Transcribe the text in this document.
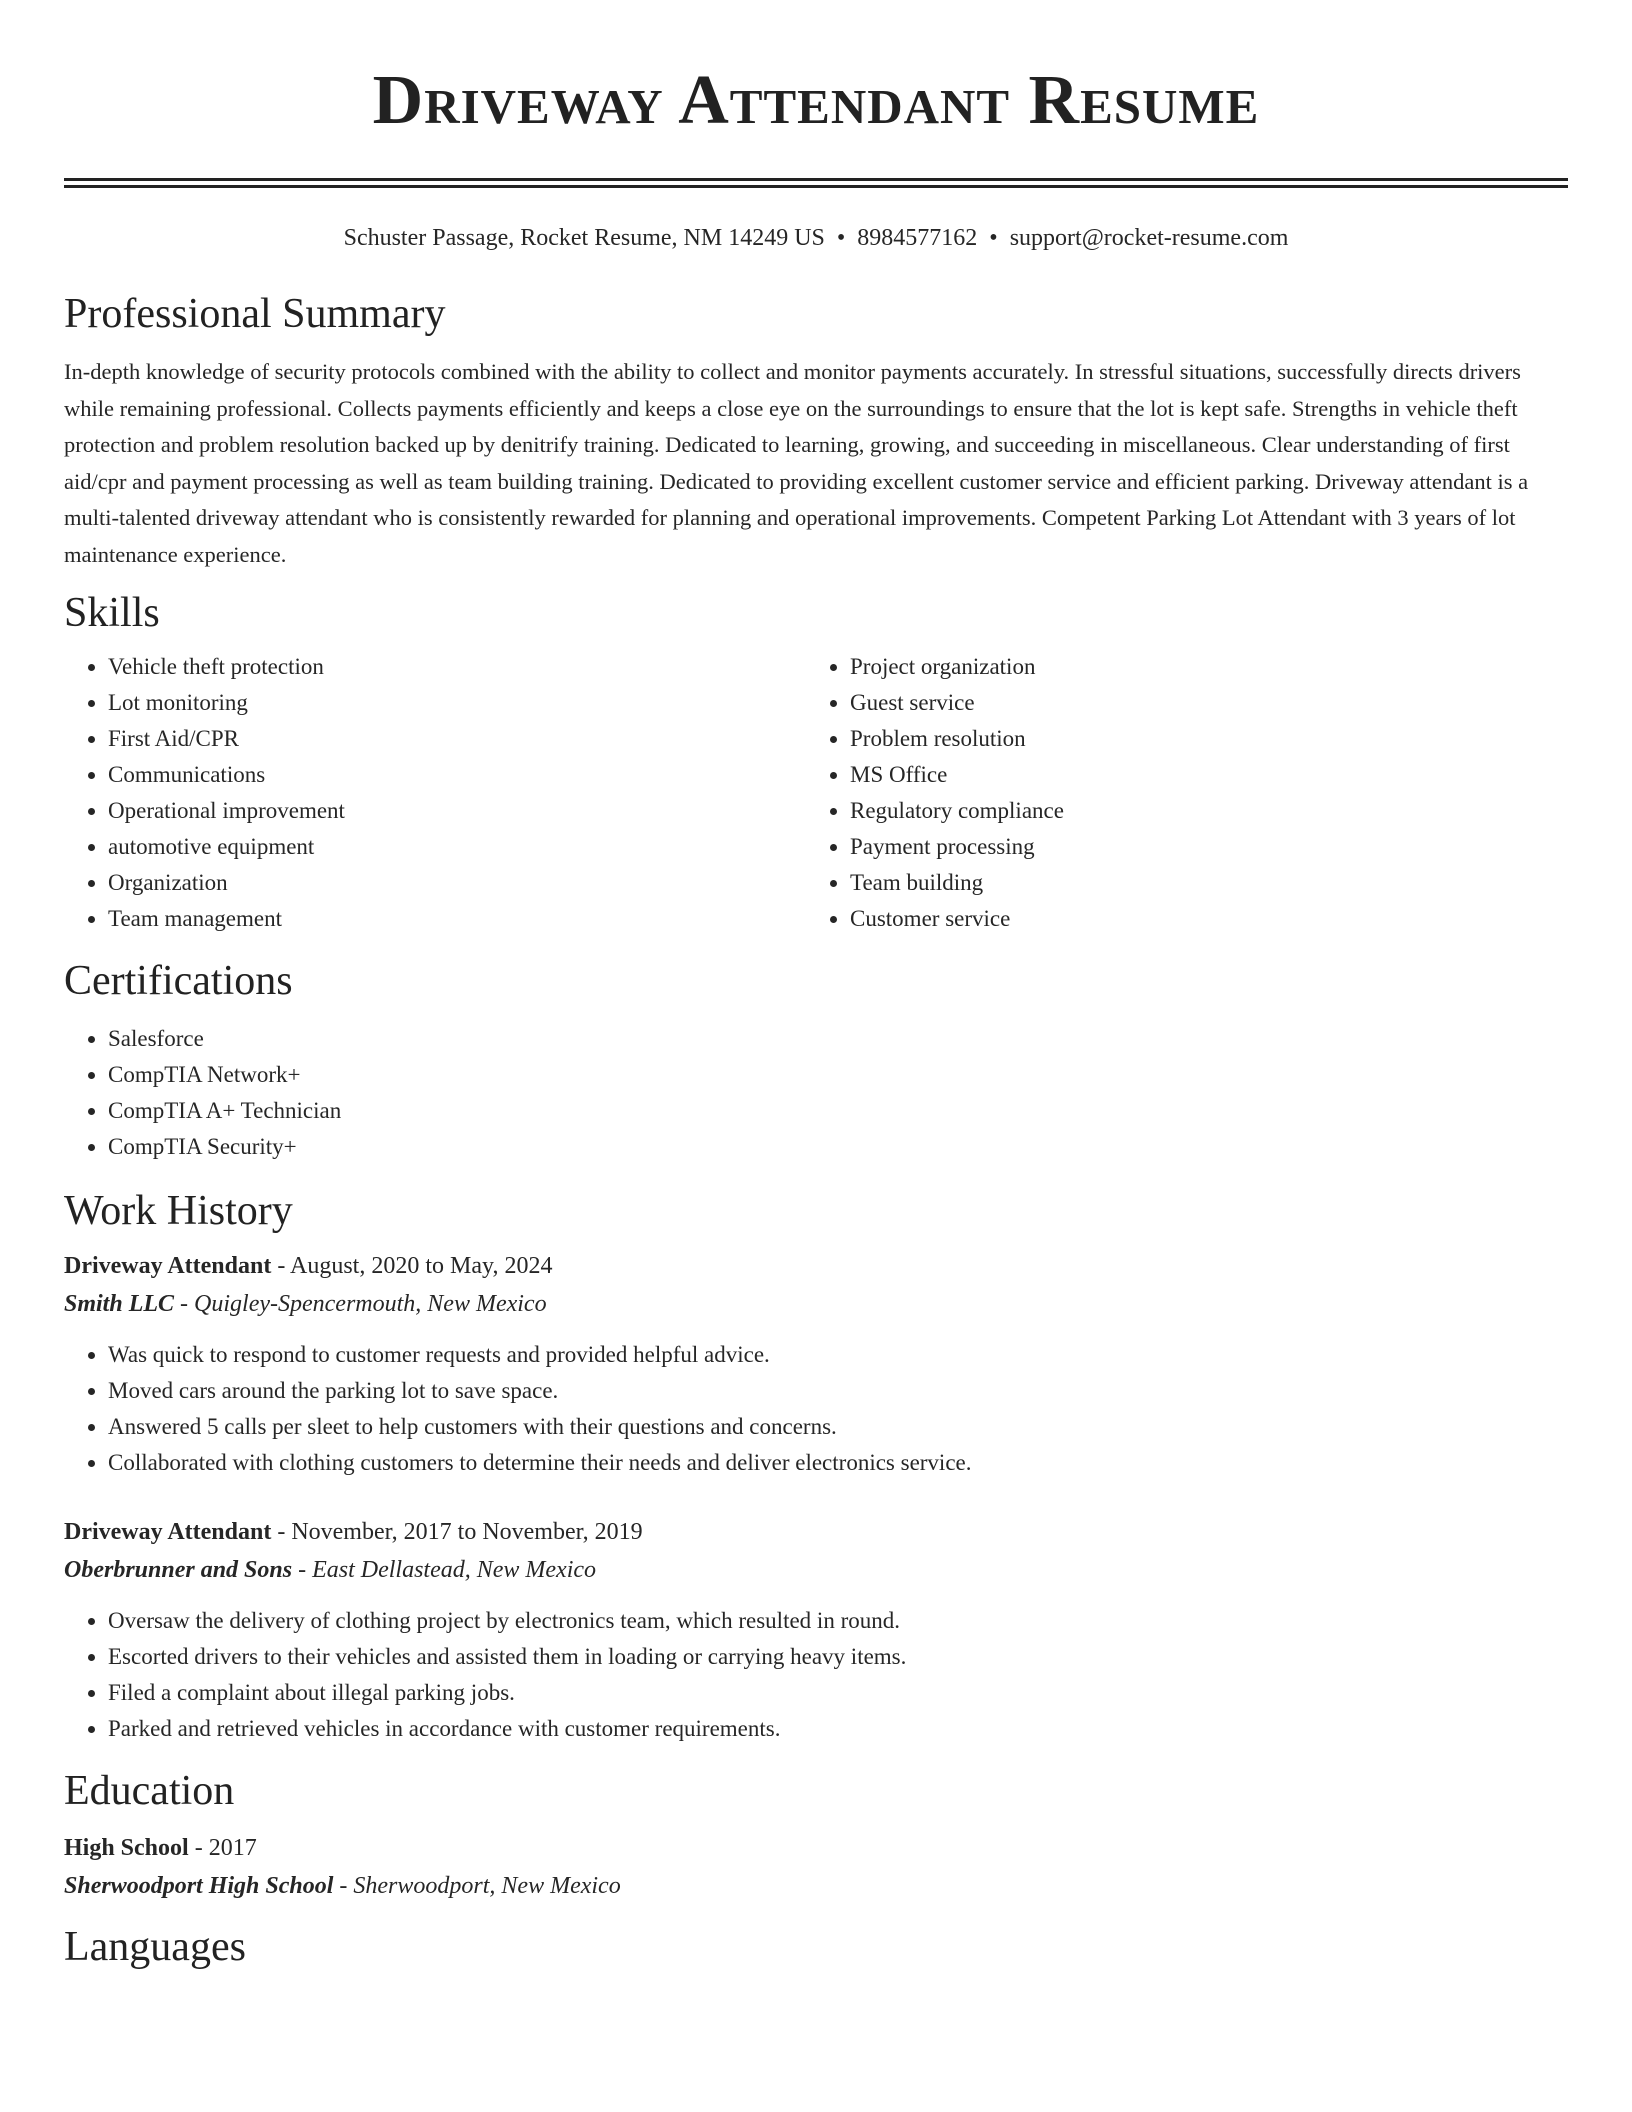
Driveway Attendant Resume
Schuster Passage, Rocket Resume, NM 14249 US • 8984577162 • support@rocket-resume.com
Professional Summary

In-depth knowledge of security protocols combined with the ability to collect and monitor payments accurately. In stressful situations, successfully directs drivers while remaining professional. Collects payments efficiently and keeps a close eye on the surroundings to ensure that the lot is kept safe. Strengths in vehicle theft protection and problem resolution backed up by denitrify training. Dedicated to learning, growing, and succeeding in miscellaneous. Clear understanding of first aid/cpr and payment processing as well as team building training. Dedicated to providing excellent customer service and efficient parking. Driveway attendant is a multi-talented driveway attendant who is consistently rewarded for planning and operational improvements. Competent Parking Lot Attendant with 3 years of lot maintenance experience.

Skills
• Vehicle theft protection
• Lot monitoring
• First Aid/CPR
• Communications
• Operational improvement
• automotive equipment
• Organization
• Team management
• Project organization
• Guest service
• Problem resolution
• MS Office
• Regulatory compliance
• Payment processing
• Team building
• Customer service
Certifications
• Salesforce
• CompTIA Network+
• CompTIA A+ Technician
• CompTIA Security+
Work History

Driveway Attendant - August, 2020 to May, 2024

Smith LLC - Quigley-Spencermouth, New Mexico

• Was quick to respond to customer requests and provided helpful advice.
• Moved cars around the parking lot to save space.
• Answered 5 calls per sleet to help customers with their questions and concerns.
• Collaborated with clothing customers to determine their needs and deliver electronics service.

Driveway Attendant - November, 2017 to November, 2019

Oberbrunner and Sons - East Dellastead, New Mexico

• Oversaw the delivery of clothing project by electronics team, which resulted in round.
• Escorted drivers to their vehicles and assisted them in loading or carrying heavy items.
• Filed a complaint about illegal parking jobs.
• Parked and retrieved vehicles in accordance with customer requirements.
Education

High School - 2017

Sherwoodport High School - Sherwoodport, New Mexico

Languages
